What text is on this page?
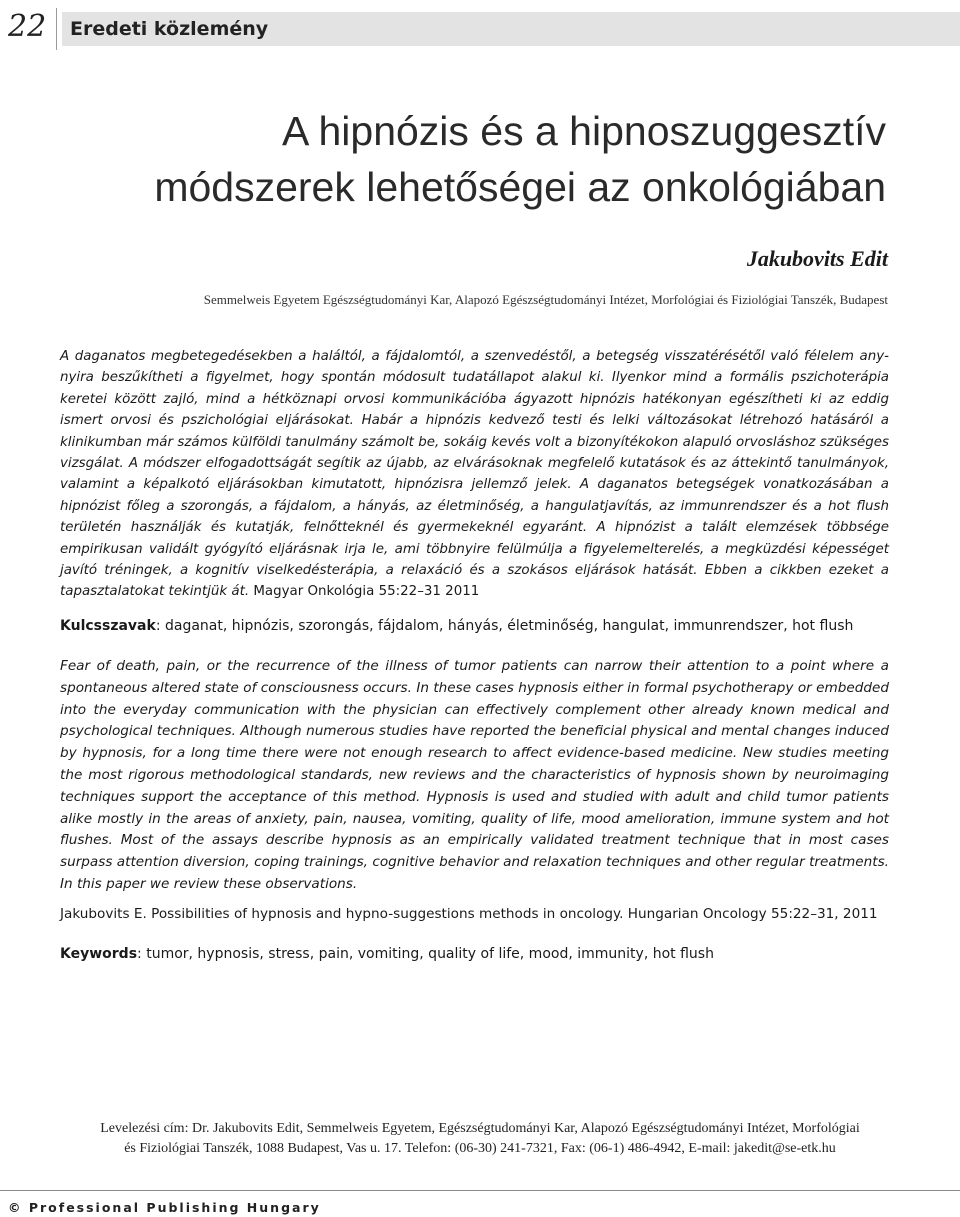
22	Eredeti közlemény
A hipnózis és a hipnoszuggesztív
módszerek lehetőségei az onkológiában
Jakubovits Edit
Semmelweis Egyetem Egészségtudományi Kar, Alapozó Egészségtudományi Intézet, Morfológiai és Fiziológiai Tanszék, Budapest

A daganatos megbetegedésekben a haláltól, a fájdalomtól, a szenvedéstől, a betegség visszatérésétől való félelem anynyira beszűkítheti a figyelmet, hogy spontán módosult tudatállapot alakul ki. Ilyenkor mind a formális pszichoterápia keretei között zajló, mind a hétköznapi orvosi kommunikációba ágyazott hipnózis hatékonyan egészítheti ki az eddig ismert orvosi és pszichológiai eljárásokat. Habár a hipnózis kedvező testi és lelki változásokat létrehozó hatásáról a klinikumban már számos külföldi tanulmány számolt be, sokáig kevés volt a bizonyítékokon alapuló orvosláshoz szükséges vizsgálat. A módszer elfogadottságát segítik az újabb, az elvárásoknak megfelelő kutatások és az áttekintő tanulmányok, valamint a képalkotó eljárásokban kimutatott, hipnózisra jellemző jelek. A daganatos betegségek vonatkozásában a hipnózist főleg a szorongás, a fájdalom, a hányás, az életminőség, a hangulatjavítás, az immunrendszer és a hot flush területén használják és kutatják, felnőtteknél és gyermekeknél egyaránt. A hipnózist a talált elemzések többsége empirikusan validált gyógyító eljárásnak irja le, ami többnyire felülmúlja a figyelemelterelés, a megküzdési képességet javító tréningek, a kognitív viselkedésterápia, a relaxáció és a szokásos eljárások hatását. Ebben a cikkben ezeket a tapasztalatokat tekintjük át. Magyar Onkológia 55:22–31 2011

Kulcsszavak: daganat, hipnózis, szorongás, fájdalom, hányás, életminőség, hangulat, immunrendszer, hot flush

Fear of death, pain, or the recurrence of the illness of tumor patients can narrow their attention to a point where a spontaneous altered state of consciousness occurs. In these cases hypnosis either in formal psychotherapy or embedded into the everyday communication with the physician can effectively complement other already known medical and psychological techniques. Although numerous studies have reported the beneficial physical and mental changes induced by hypnosis, for a long time there were not enough research to affect evidence-based medicine. New studies meeting the most rigorous methodological standards, new reviews and the characteristics of hypnosis shown by neuroimaging techniques support the acceptance of this method. Hypnosis is used and studied with adult and child tumor patients alike mostly in the areas of anxiety, pain, nausea, vomiting, quality of life, mood amelioration, immune system and hot flushes. Most of the assays describe hypnosis as an empirically validated treatment technique that in most cases surpass attention diversion, coping trainings, cognitive behavior and relaxation techniques and other regular treatments. In this paper we review these observations.

Jakubovits E. Possibilities of hypnosis and hypno-suggestions methods in oncology. Hungarian Oncology 55:22–31, 2011

Keywords: tumor, hypnosis, stress, pain, vomiting, quality of life, mood, immunity, hot flush

Levelezési cím: Dr. Jakubovits Edit, Semmelweis Egyetem, Egészségtudományi Kar, Alapozó Egészségtudományi Intézet, Morfológiai
és Fiziológiai Tanszék, 1088 Budapest, Vas u. 17. Telefon: (06-30) 241-7321, Fax: (06-1) 486-4942, E-mail: jakedit@se-etk.hu
© Professional Publishing Hungary
